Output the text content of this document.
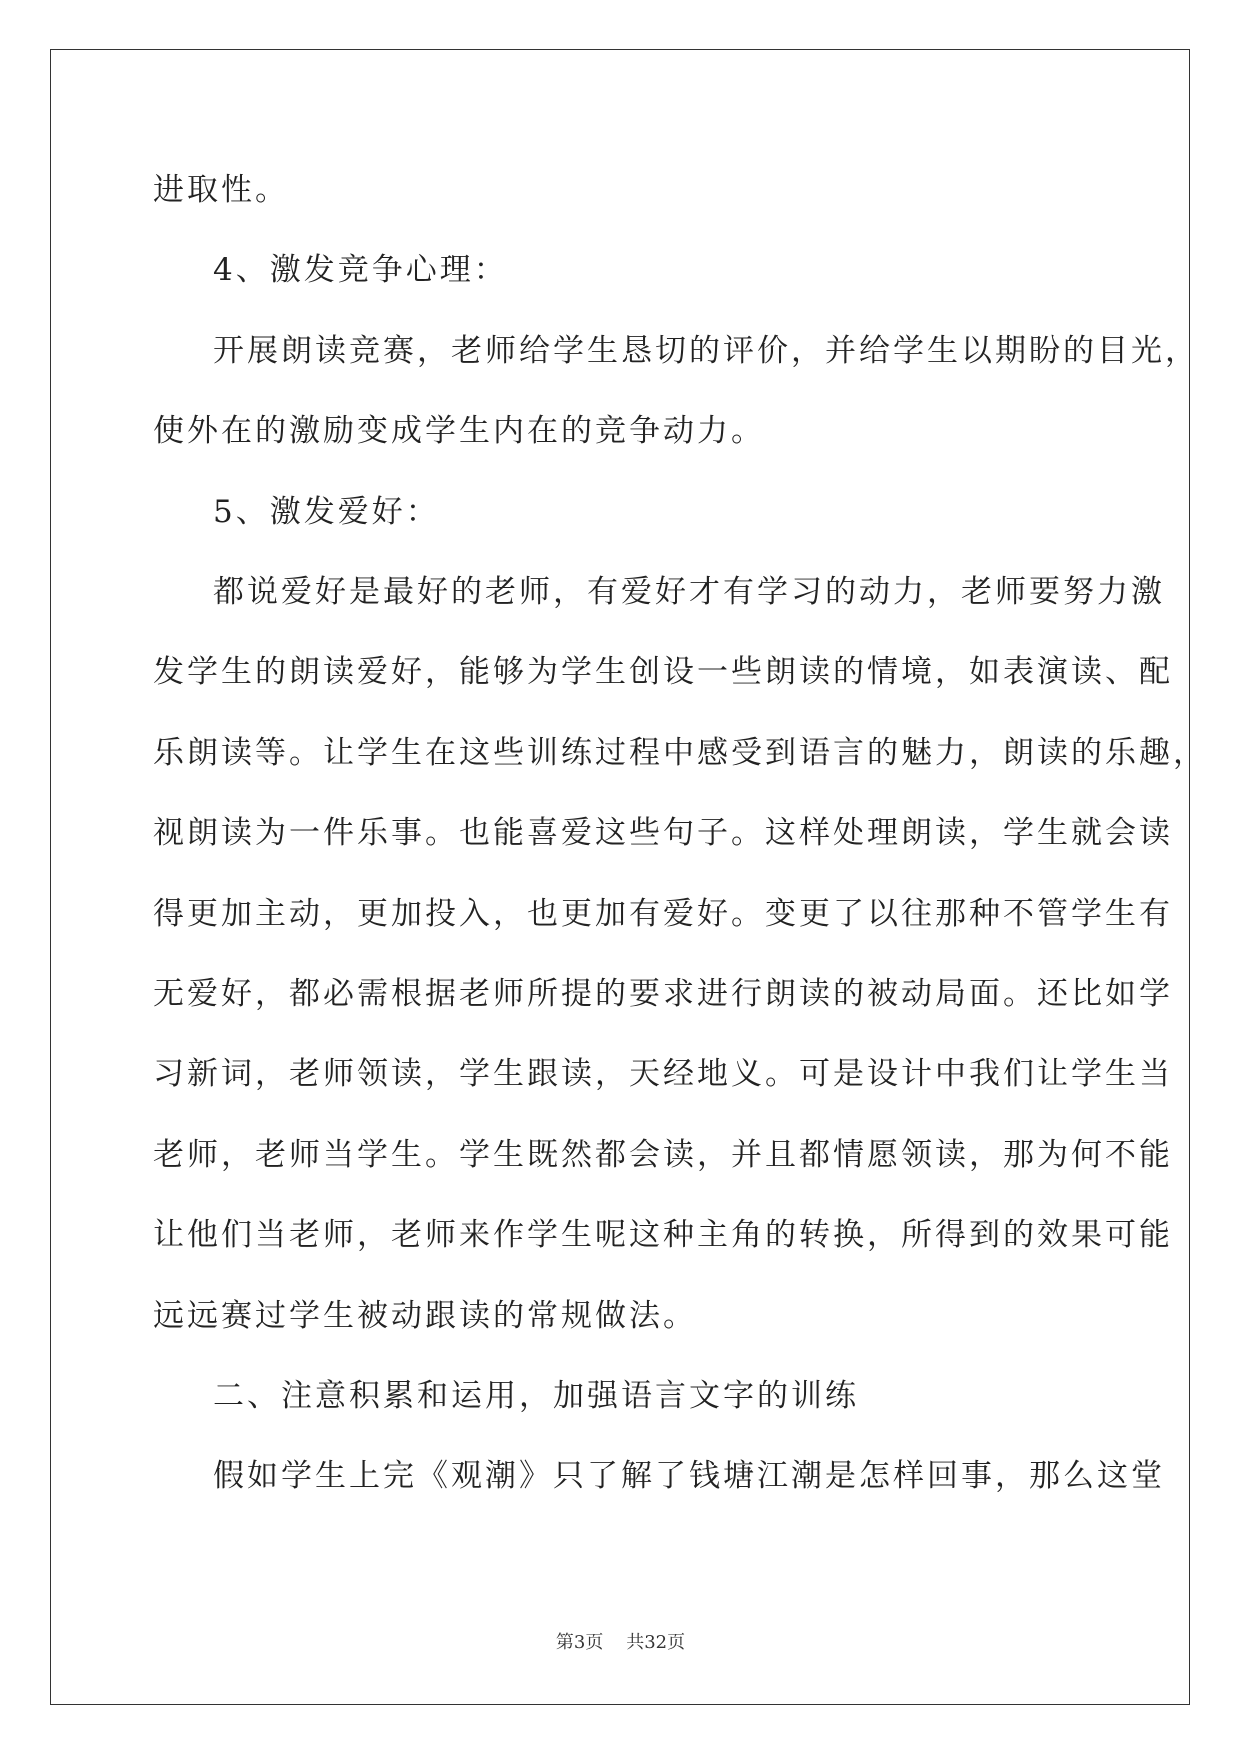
进取性。

4、激发竞争心理：

开展朗读竞赛，老师给学生恳切的评价，并给学生以期盼的目光，

使外在的激励变成学生内在的竞争动力。

5、激发爱好：

都说爱好是最好的老师，有爱好才有学习的动力，老师要努力激

发学生的朗读爱好，能够为学生创设一些朗读的情境，如表演读、配

乐朗读等。让学生在这些训练过程中感受到语言的魅力，朗读的乐趣，

视朗读为一件乐事。也能喜爱这些句子。这样处理朗读，学生就会读

得更加主动，更加投入，也更加有爱好。变更了以往那种不管学生有

无爱好，都必需根据老师所提的要求进行朗读的被动局面。还比如学

习新词，老师领读，学生跟读，天经地义。可是设计中我们让学生当

老师，老师当学生。学生既然都会读，并且都情愿领读，那为何不能

让他们当老师，老师来作学生呢这种主角的转换，所得到的效果可能

远远赛过学生被动跟读的常规做法。

二、注意积累和运用，加强语言文字的训练

假如学生上完《观潮》只了解了钱塘江潮是怎样回事，那么这堂

第3页 共32页
